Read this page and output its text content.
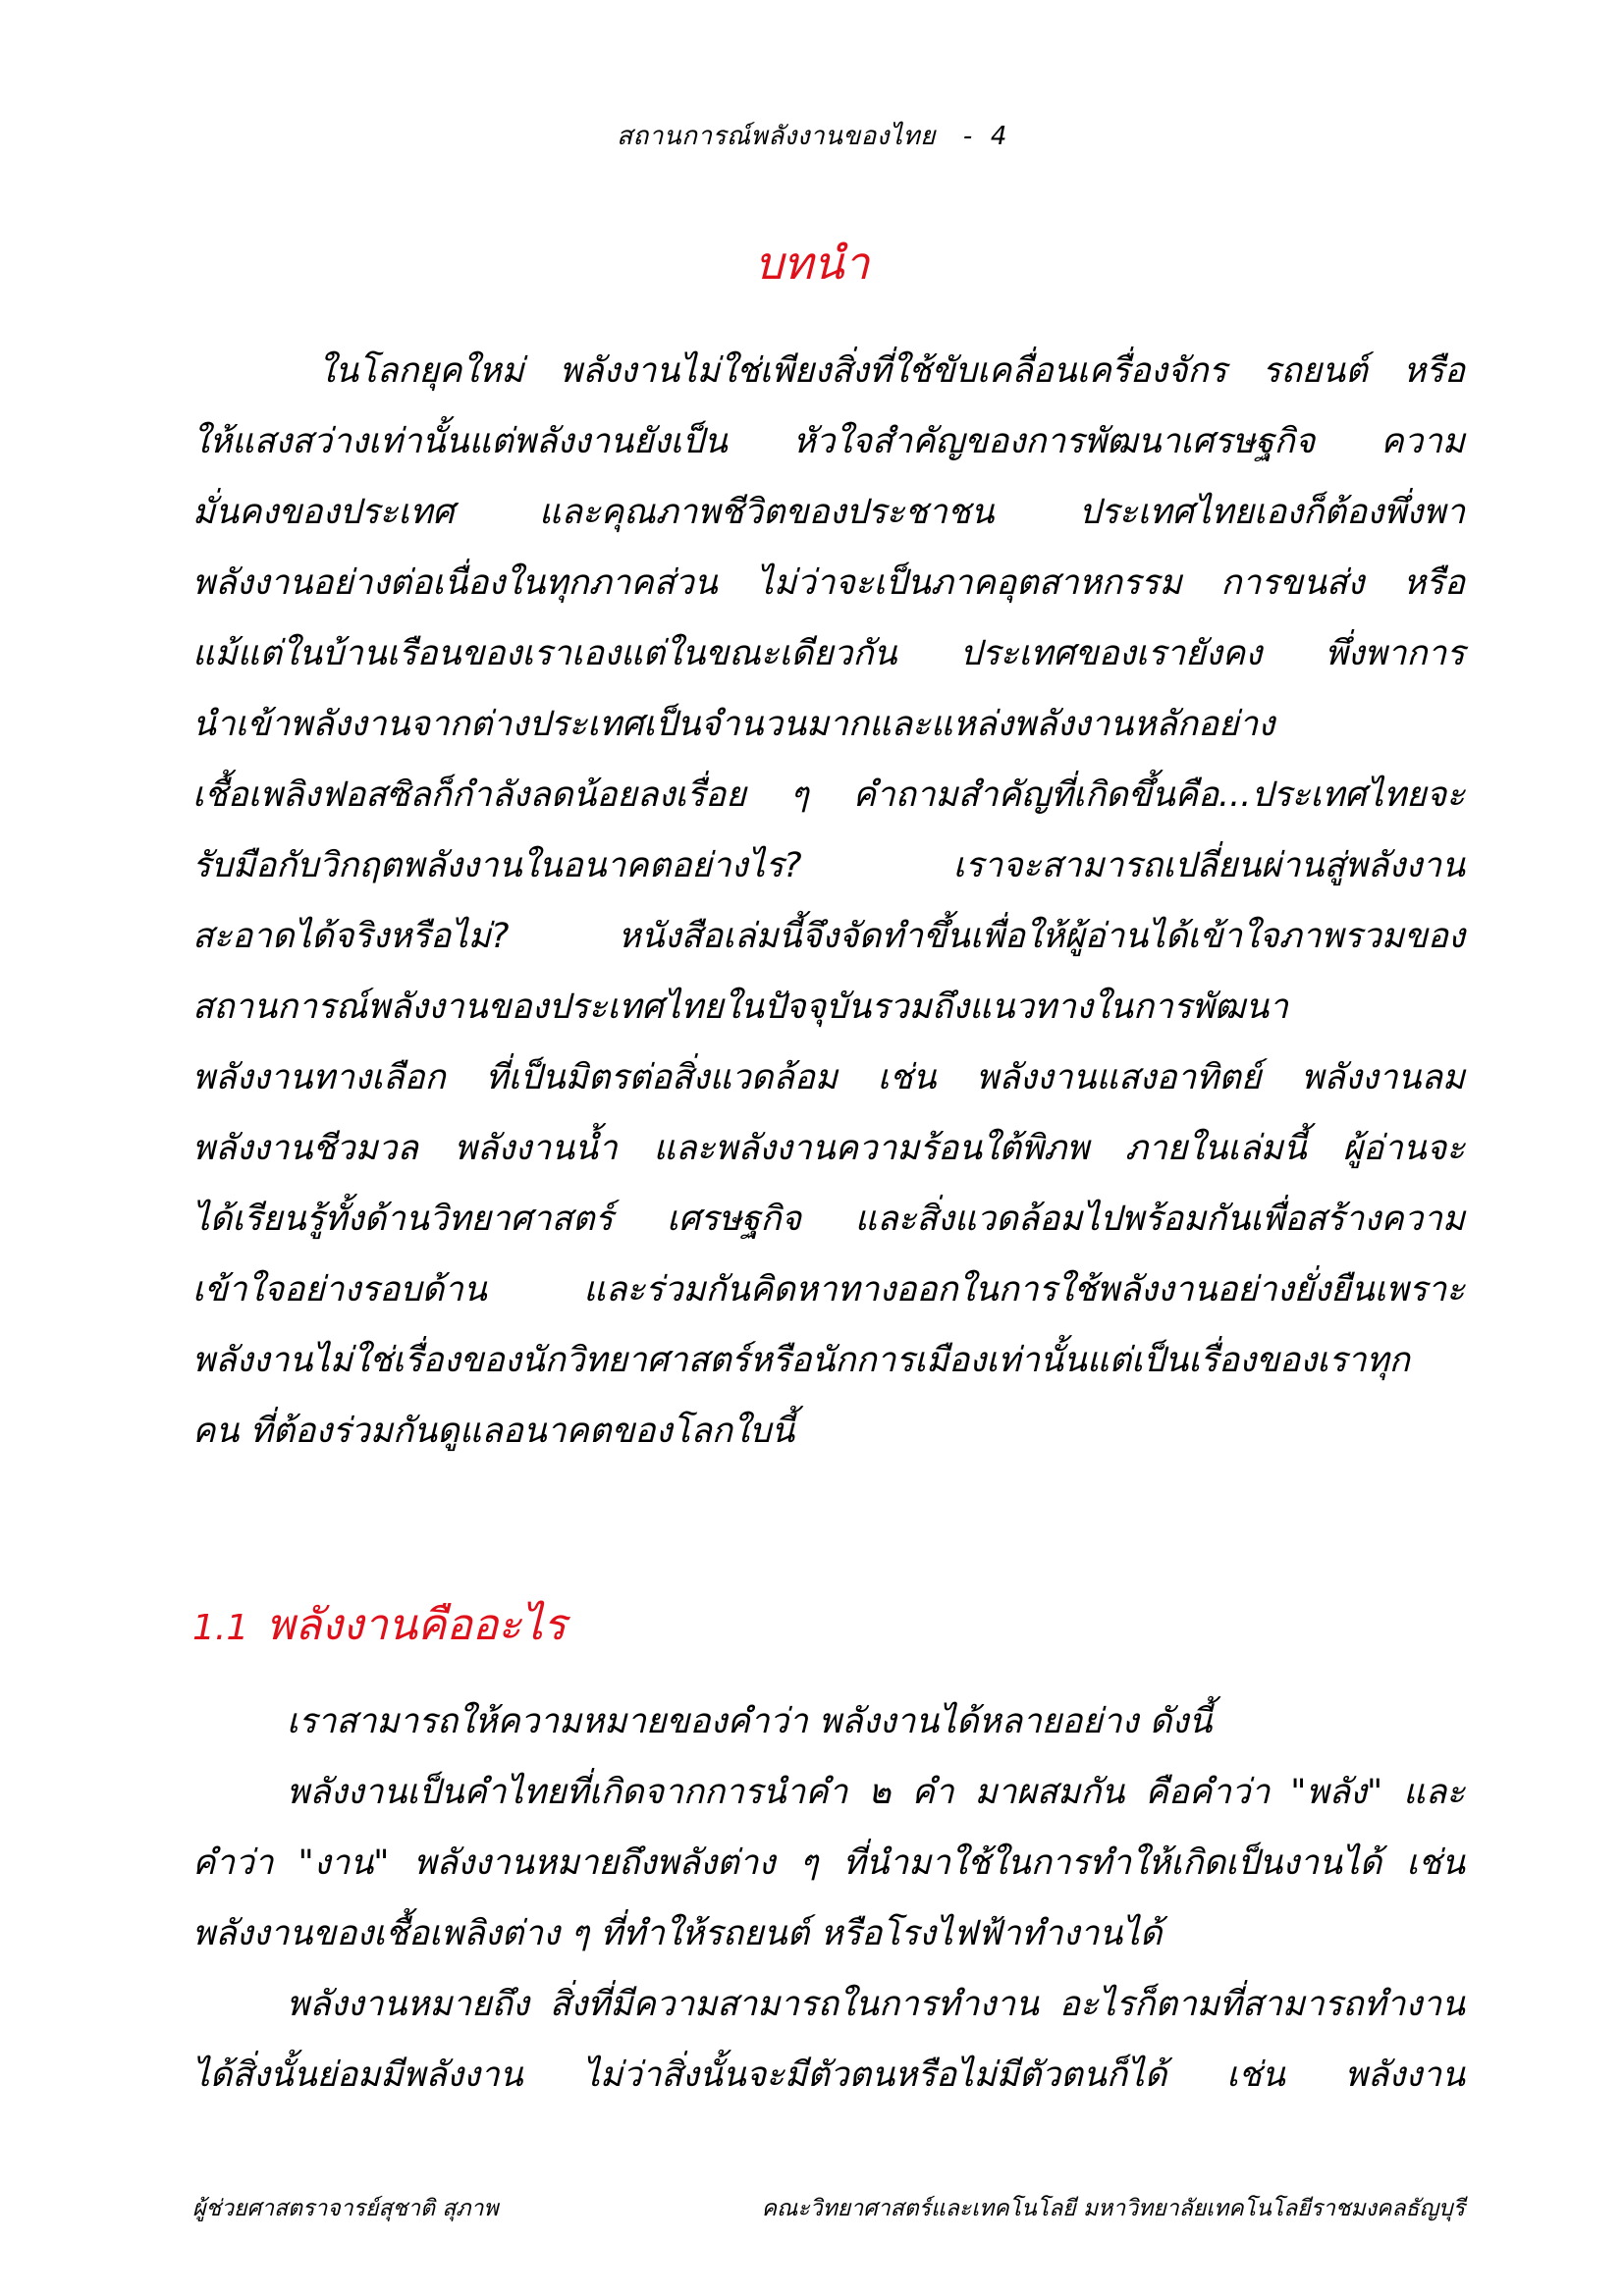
สถานการณ์พลังงานของไทย - 4
บทนำ
ในโลกยุคใหม่ พลังงานไม่ใช่เพียงสิ่งที่ใช้ขับเคลื่อนเครื่องจักร รถยนต์ หรือ
ให้แสงสว่างเท่านั้นแต่พลังงานยังเป็น หัวใจสำคัญของการพัฒนาเศรษฐกิจ ความ
มั่นคงของประเทศ และคุณภาพชีวิตของประชาชน ประเทศไทยเองก็ต้องพึ่งพา
พลังงานอย่างต่อเนื่องในทุกภาคส่วน ไม่ว่าจะเป็นภาคอุตสาหกรรม การขนส่ง หรือ
แม้แต่ในบ้านเรือนของเราเองแต่ในขณะเดียวกัน ประเทศของเรายังคง พึ่งพาการ
นำเข้าพลังงานจากต่างประเทศเป็นจำนวนมากและแหล่งพลังงานหลักอย่าง
เชื้อเพลิงฟอสซิลก็กำลังลดน้อยลงเรื่อย ๆ คำถามสำคัญที่เกิดขึ้นคือ...ประเทศไทยจะ
รับมือกับวิกฤตพลังงานในอนาคตอย่างไร? เราจะสามารถเปลี่ยนผ่านสู่พลังงาน
สะอาดได้จริงหรือไม่? หนังสือเล่มนี้จึงจัดทำขึ้นเพื่อให้ผู้อ่านได้เข้าใจภาพรวมของ
สถานการณ์พลังงานของประเทศไทยในปัจจุบันรวมถึงแนวทางในการพัฒนา
พลังงานทางเลือก ที่เป็นมิตรต่อสิ่งแวดล้อม เช่น พลังงานแสงอาทิตย์ พลังงานลม
พลังงานชีวมวล พลังงานน้ำ และพลังงานความร้อนใต้พิภพ ภายในเล่มนี้ ผู้อ่านจะ
ได้เรียนรู้ทั้งด้านวิทยาศาสตร์ เศรษฐกิจ และสิ่งแวดล้อมไปพร้อมกันเพื่อสร้างความ
เข้าใจอย่างรอบด้าน และร่วมกันคิดหาทางออกในการใช้พลังงานอย่างยั่งยืนเพราะ
พลังงานไม่ใช่เรื่องของนักวิทยาศาสตร์หรือนักการเมืองเท่านั้นแต่เป็นเรื่องของเราทุก
คน ที่ต้องร่วมกันดูแลอนาคตของโลกใบนี้
1.1 พลังงานคืออะไร
เราสามารถให้ความหมายของคำว่า พลังงานได้หลายอย่าง ดังนี้
พลังงานเป็นคำไทยที่เกิดจากการนำคำ ๒ คำ มาผสมกัน คือคำว่า "พลัง" และ
คำว่า "งาน" พลังงานหมายถึงพลังต่าง ๆ ที่นำมาใช้ในการทำให้เกิดเป็นงานได้ เช่น
พลังงานของเชื้อเพลิงต่าง ๆ ที่ทำให้รถยนต์ หรือโรงไฟฟ้าทำงานได้
พลังงานหมายถึง สิ่งที่มีความสามารถในการทำงาน อะไรก็ตามที่สามารถทำงาน
ได้สิ่งนั้นย่อมมีพลังงาน ไม่ว่าสิ่งนั้นจะมีตัวตนหรือไม่มีตัวตนก็ได้ เช่น พลังงาน
ผู้ช่วยศาสตราจารย์สุชาติ สุภาพ	คณะวิทยาศาสตร์และเทคโนโลยี มหาวิทยาลัยเทคโนโลยีราชมงคลธัญบุรี
